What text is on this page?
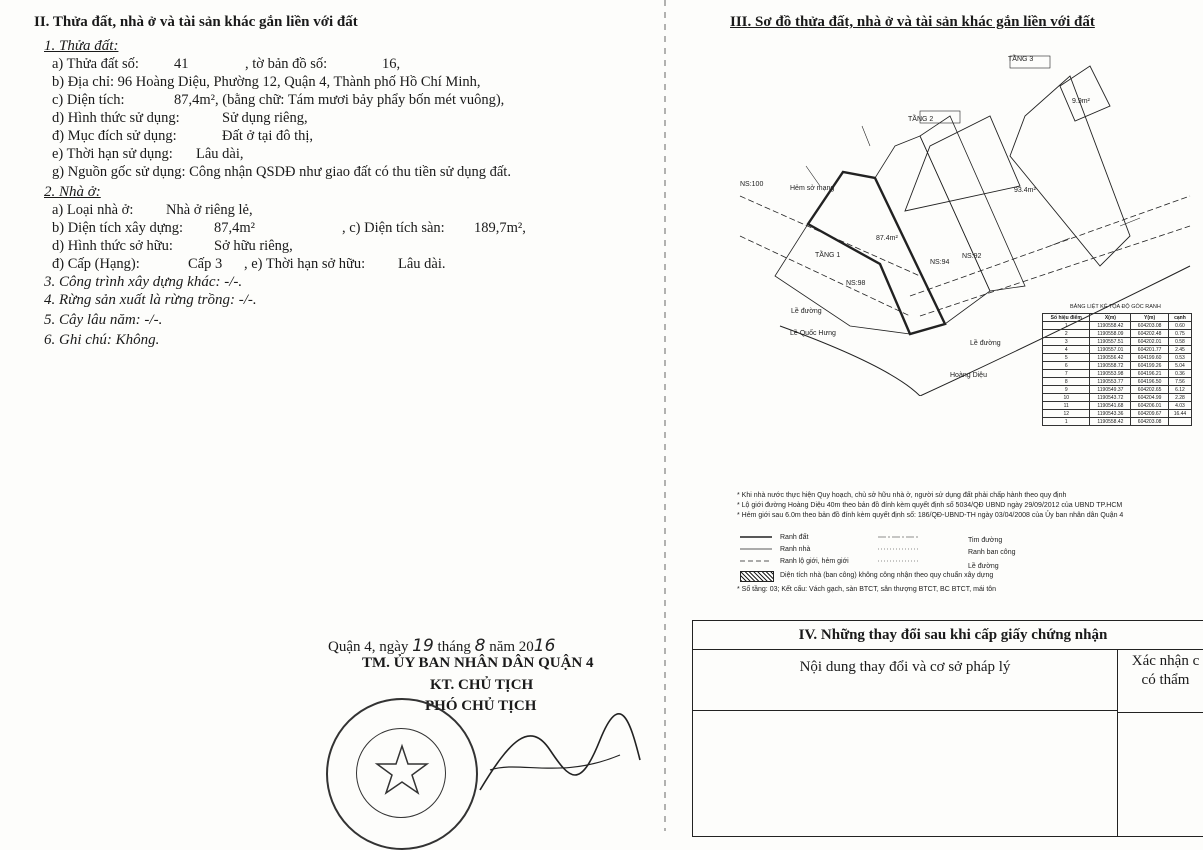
II. Thửa đất, nhà ở và tài sản khác gắn liền với đất
1. Thửa đất:
a) Thửa đất số: 41	, tờ bản đồ số:	16,
b) Địa chỉ: 96 Hoàng Diệu, Phường 12, Quận 4, Thành phố Hồ Chí Minh,
c) Diện tích:	87,4m², (bằng chữ: Tám mươi bảy phẩy bốn mét vuông),
d) Hình thức sử dụng:	Sử dụng riêng,
đ) Mục đích sử dụng:	Đất ở tại đô thị,
e) Thời hạn sử dụng: Lâu dài,
g) Nguồn gốc sử dụng: Công nhận QSDĐ như giao đất có thu tiền sử dụng đất.
2. Nhà ở:
a) Loại nhà ở: Nhà ở riêng lẻ,
b) Diện tích xây dựng: 87,4m²	, c) Diện tích sàn: 189,7m²,
d) Hình thức sở hữu:	Sở hữu riêng,
đ) Cấp (Hạng):	Cấp 3 , e) Thời hạn sở hữu: Lâu dài.
3. Công trình xây dựng khác: -/-.
4. Rừng sản xuất là rừng trồng: -/-.
5. Cây lâu năm: -/-.
6. Ghi chú: Không.
Quận 4, ngày 19 tháng 8 năm 2016
TM. ỦY BAN NHÂN DÂN QUẬN 4
KT. CHỦ TỊCH
PHÓ CHỦ TỊCH
III. Sơ đồ thửa đất, nhà ở và tài sản khác gắn liền với đất
TẦNG 2
TẦNG 3
TẦNG 1
87.4m²
93.4m²
9.9m²
NS:100
NS:98
NS:94
NS:92
Lề đường
Lề Quốc Hưng
Hoàng Diệu
Lề đường
Hẻm sở mạng
BẢNG LIỆT KÊ TỌA ĐỘ GÓC RANH
Số hiệu điểm	X(m)	Y(m)	cạnh
1	1190558.42	604203.08	0.60
2	1190558.09	604202.48	0.75
3	1190557.51	604202.01	0.58
4	1190557.01	604201.77	2.45
5	1190556.42	604199.60	0.53
6	1190558.72	604199.26	5.04
7	1190553.98	604196.21	0.36
8	1190553.77	604196.50	7.56
9	1190549.37	604202.65	6.12
10	1190543.72	604204.99	2.28
11	1190541.68	604206.01	4.03
12	1190543.36	604209.67	16.44
1	1190558.42	604203.08	
* Khi nhà nước thực hiện Quy hoạch, chủ sở hữu nhà ở, người sử dụng đất phải chấp hành theo quy định
* Lộ giới đường Hoàng Diệu 40m theo bản đồ đính kèm quyết định số 5034/QĐ UBND ngày 29/09/2012 của UBND TP.HCM
* Hẻm giới sau 6.0m theo bản đồ đính kèm quyết định số: 186/QĐ-UBND-TH ngày 03/04/2008 của Ủy ban nhân dân Quận 4
Ranh đất
Ranh nhà
Ranh lộ giới, hẻm giới
Tim đường
Ranh ban công
Lề đường
Diện tích nhà (ban công) không công nhận theo quy chuẩn xây dựng
* Số tầng: 03; Kết cấu: Vách gạch, sàn BTCT, sân thượng BTCT, BC BTCT, mái tôn
IV. Những thay đổi sau khi cấp giấy chứng nhận
Nội dung thay đổi và cơ sở pháp lý	Xác nhận c
có thẩm
